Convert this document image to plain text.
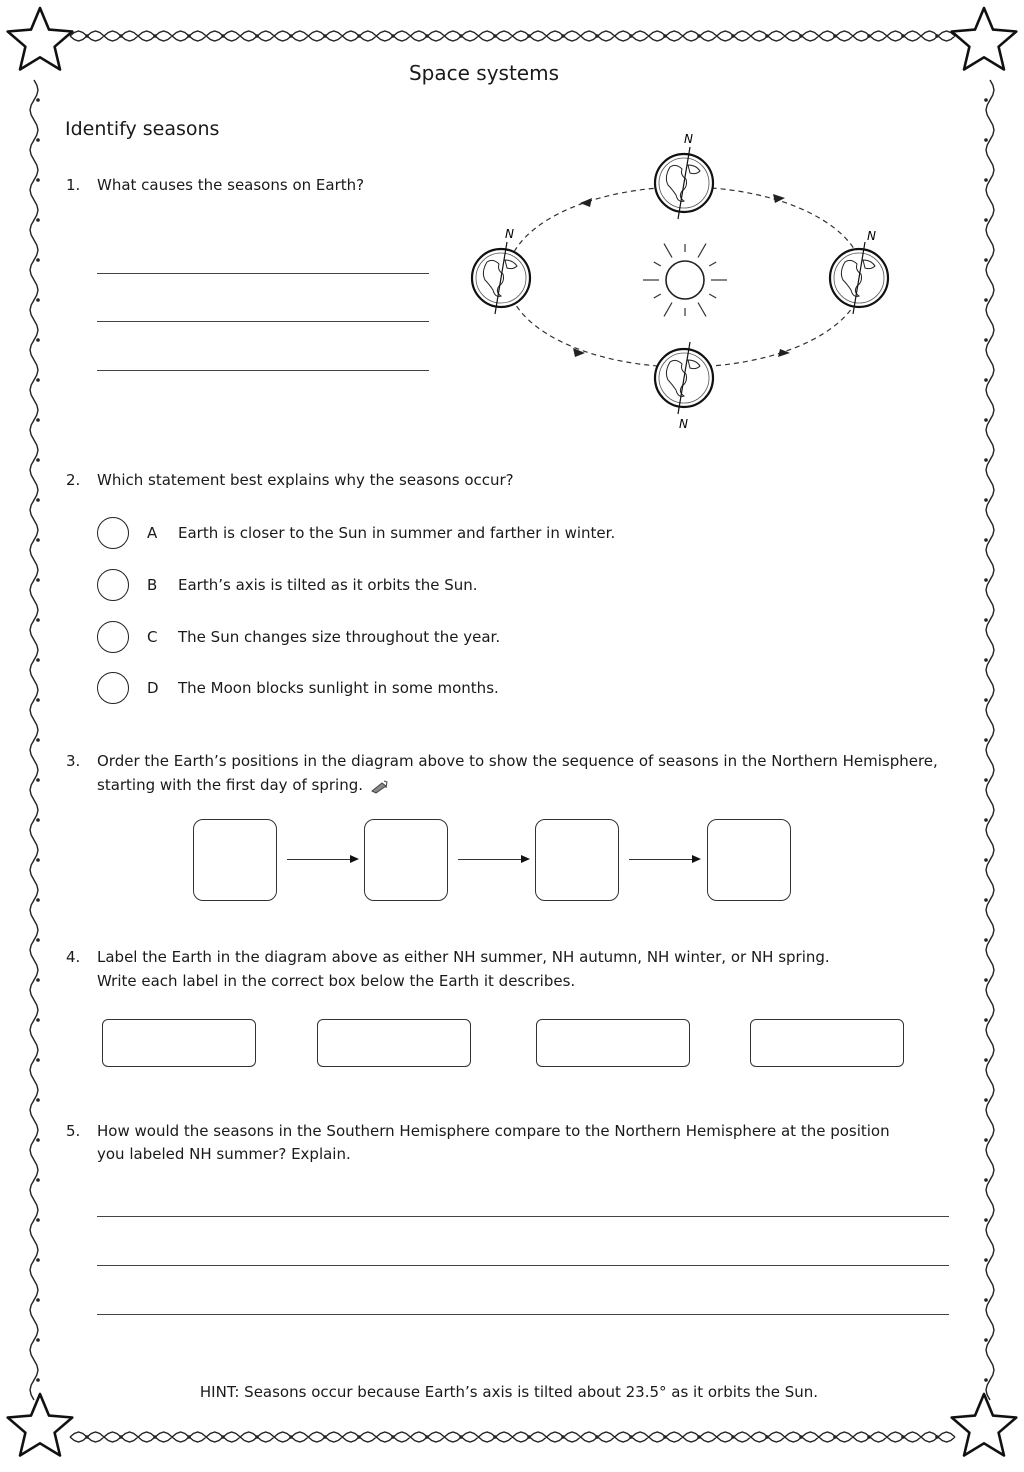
Space systems
Identify seasons
1. What causes the seasons on Earth?
N
N	N
N
2. Which statement best explains why the seasons occur?
A Earth is closer to the Sun in summer and farther in winter.
B Earth’s axis is tilted as it orbits the Sun.
C The Sun changes size throughout the year.
D The Moon blocks sunlight in some months.
3. Order the Earth’s positions in the diagram above to show the sequence of seasons in the Northern Hemisphere,
starting with the first day of spring.
4. Label the Earth in the diagram above as either NH summer, NH autumn, NH winter, or NH spring.
Write each label in the correct box below the Earth it describes.
5. How would the seasons in the Southern Hemisphere compare to the Northern Hemisphere at the position
you labeled NH summer? Explain.
HINT: Seasons occur because Earth’s axis is tilted about 23.5° as it orbits the Sun.
